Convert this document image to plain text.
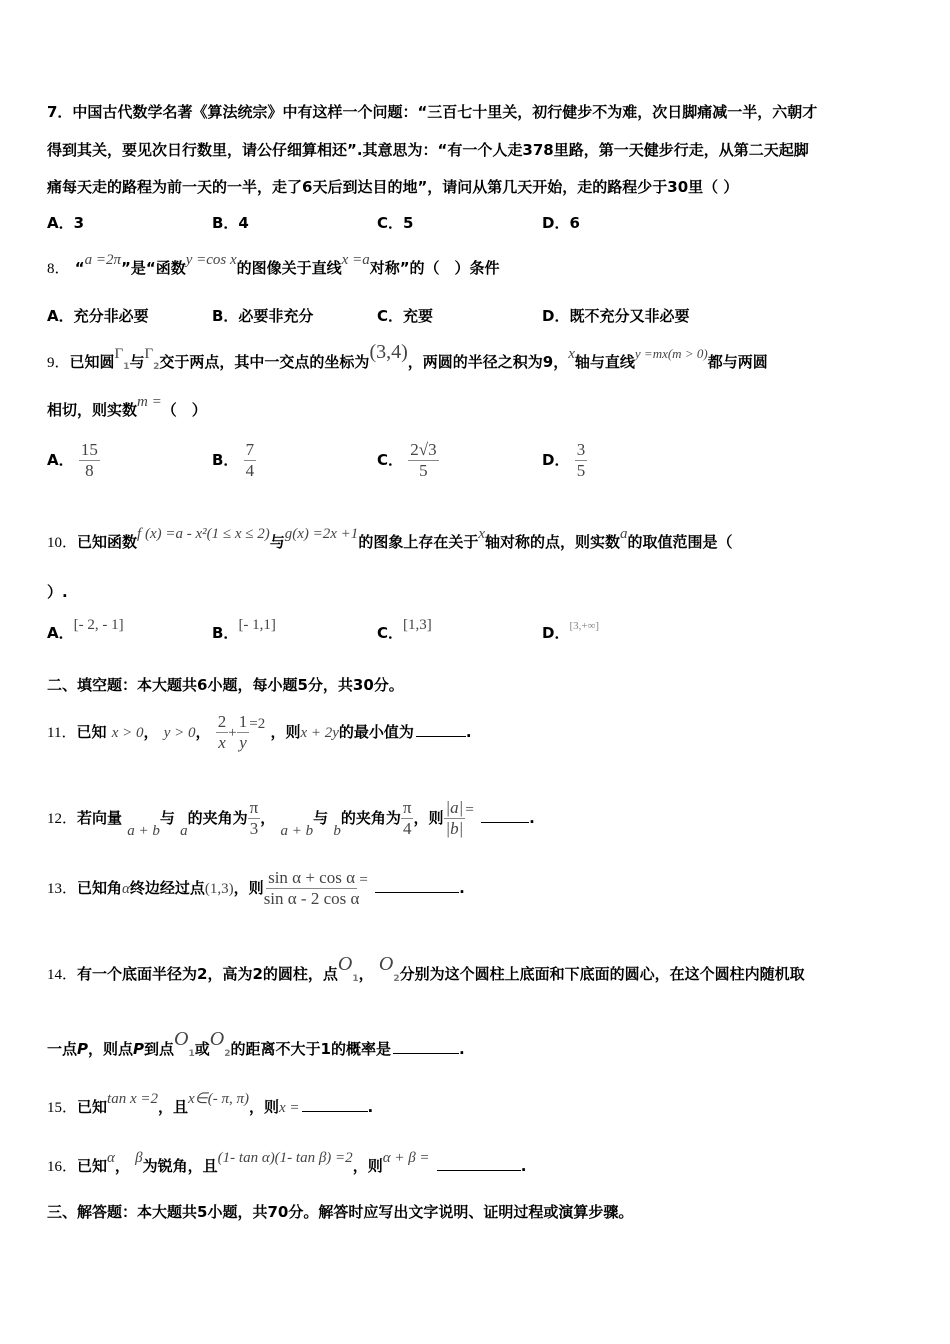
7．中国古代数学名著《算法统宗》中有这样一个问题：“三百七十里关，初行健步不为难，次日脚痛减一半，六朝才
得到其关，要见次日行数里，请公仔细算相还”.其意思为：“有一个人走378里路，第一天健步行走，从第二天起脚
痛每天走的路程为前一天的一半，走了6天后到达目的地”，请问从第几天开始，走的路程少于30里（ ）
A．3	B．4	C．5	D．6
8． “a =2π”是“函数y =cos x的图像关于直线x =a对称”的（　）条件
A．充分非必要	B．必要非充分	C．充要	D．既不充分又非必要
9．已知圆Γ1与Γ2交于两点，其中一交点的坐标为(3,4)，两圆的半径之积为9，x轴与直线y =mx(m > 0)都与两圆
相切，则实数m =（　）
A． $\frac{15}{8}$	B． $\frac{7}{4}$	C． $\frac{2√3}{5}$	D． $\frac{3}{5}$
10．已知函数f (x) =a - x²(1 ≤ x ≤ 2)与g(x) =2x +1的图象上存在关于x轴对称的点，则实数a的取值范围是（
）.
A．[- 2, - 1]	B．[- 1,1]	C．[1,3]	D．[3,+∞]
二、填空题：本大题共6小题，每小题5分，共30分。
11．已知 x > 0， y > 0， $\frac{2}{x} + \frac{1}{y} =2$ ，则x + 2y的最小值为	.
12．若向量 a + b与 a的夹角为 $\frac{\pi}{3}$ ， a + b与 b的夹角为 $\frac{\pi}{4}$ ，则 $\frac{|a|}{|b|}$ =	.
13．已知角α终边经过点(1,3)，则 $\frac{\text{sin α + cos α}}{\text{sin α - 2 cos α}}$ =	.
14．有一个底面半径为2，高为2的圆柱，点O1， O2分别为这个圆柱上底面和下底面的圆心，在这个圆柱内随机取
一点P，则点P到点O1或O2的距离不大于1的概率是	.
15．已知tan x =2，且x∈(- π, π)，则x =	.
16．已知α， β为锐角，且(1- tan α)(1- tan β) =2，则α + β =	.
三、解答题：本大题共5小题，共70分。解答时应写出文字说明、证明过程或演算步骤。
